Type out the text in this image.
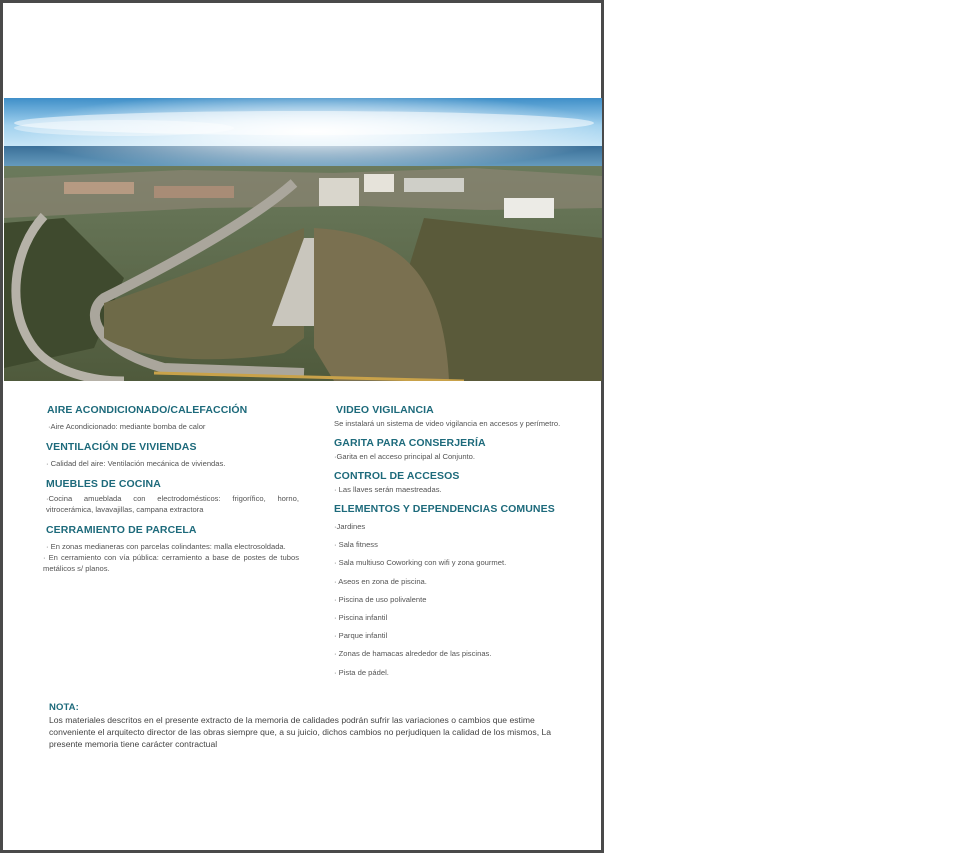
AIRE ACONDICIONADO/CALEFACCIÓN
·Aire Acondicionado: mediante bomba de calor
VENTILACIÓN DE VIVIENDAS
· Calidad del aire: Ventilación mecánica de viviendas.
MUEBLES DE COCINA
·Cocina amueblada con electrodomésticos: frigorífico, horno, vitrocerámica, lavavajillas, campana extractora
CERRAMIENTO DE PARCELA
· En zonas medianeras con parcelas colindantes: malla electrosoldada.
· En cerramiento con vía pública: cerramiento a base de postes de tubos metálicos s/ planos.
VIDEO VIGILANCIA
Se instalará un sistema de video vigilancia en accesos y perímetro.
GARITA PARA CONSERJERÍA
·Garita en el acceso principal al Conjunto.
CONTROL DE ACCESOS
· Las llaves serán maestreadas.
ELEMENTOS Y DEPENDENCIAS COMUNES
·Jardines
· Sala fitness
· Sala multiuso Coworking con wifi y zona gourmet.
· Aseos en zona de piscina.
· Piscina de uso polivalente
· Piscina infantil
· Parque infantil
· Zonas de hamacas alrededor de las piscinas.
· Pista de pádel.
NOTA:
Los materiales descritos en el presente extracto de la memoria de calidades podrán sufrir las variaciones o cambios que estime conveniente el arquitecto director de las obras siempre que, a su juicio, dichos cambios no perjudiquen la calidad de los mismos, La presente memoria tiene carácter contractual
